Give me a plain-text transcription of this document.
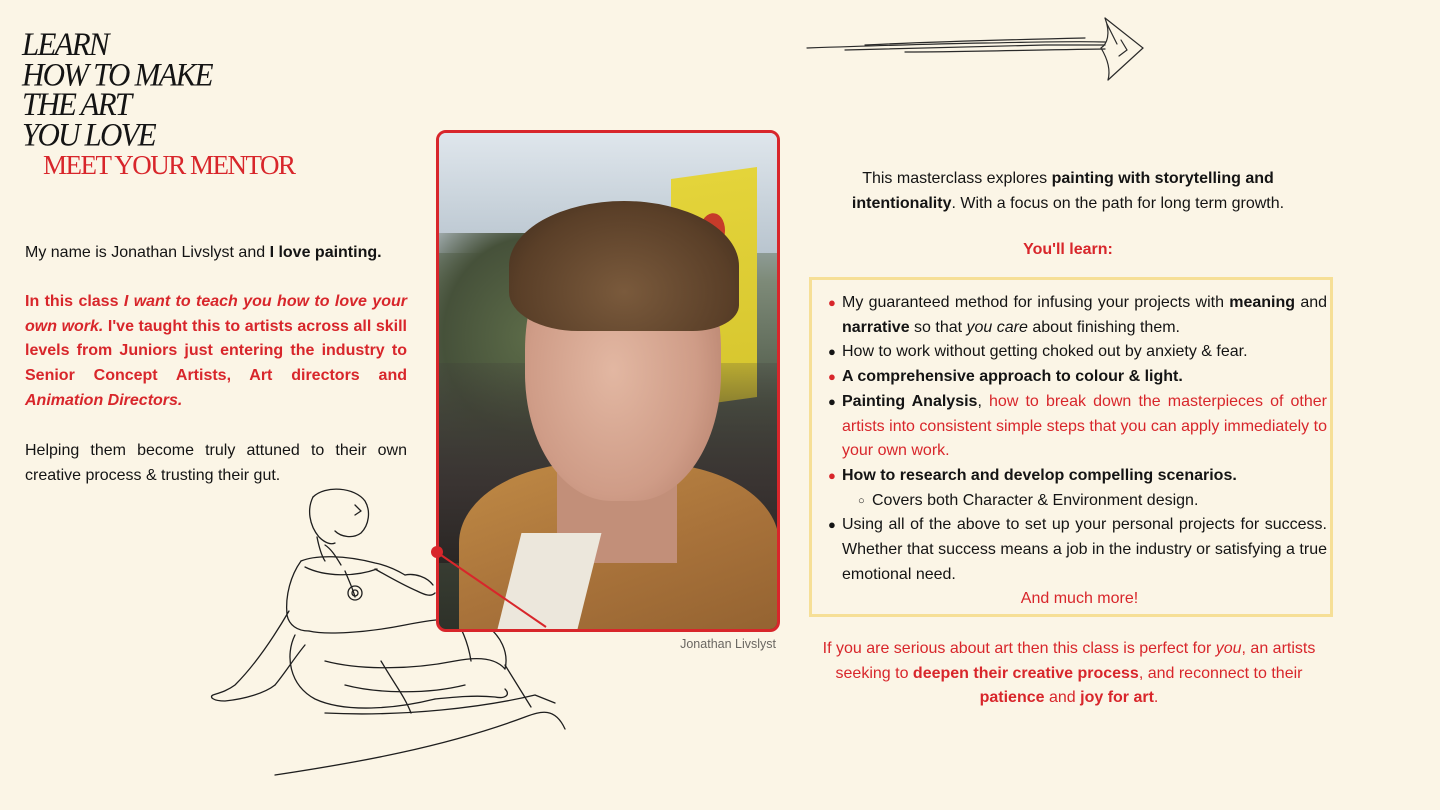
LEARN
HOW TO MAKE
THE ART
YOU LOVE
MEET YOUR MENTOR
My name is Jonathan Livslyst and I love painting.
In this class I want to teach you how to love your own work. I've taught this to artists across all skill levels from Juniors just entering the industry to Senior Concept Artists, Art directors and Animation Directors.
Helping them become truly attuned to their own creative process & trusting their gut.
Jonathan Livslyst
This masterclass explores painting with storytelling and intentionality. With a focus on the path for long term growth.
You'll learn:
● My guaranteed method for infusing your projects with meaning and narrative so that you care about finishing them.
● How to work without getting choked out by anxiety & fear.
● A comprehensive approach to colour & light.
● Painting Analysis, how to break down the masterpieces of other artists into consistent simple steps that you can apply immediately to your own work.
● How to research and develop compelling scenarios.
○ Covers both Character & Environment design.
● Using all of the above to set up your personal projects for success. Whether that success means a job in the industry or satisfying a true emotional need.
And much more!
If you are serious about art then this class is perfect for you, an artists seeking to deepen their creative process, and reconnect to their patience and joy for art.
